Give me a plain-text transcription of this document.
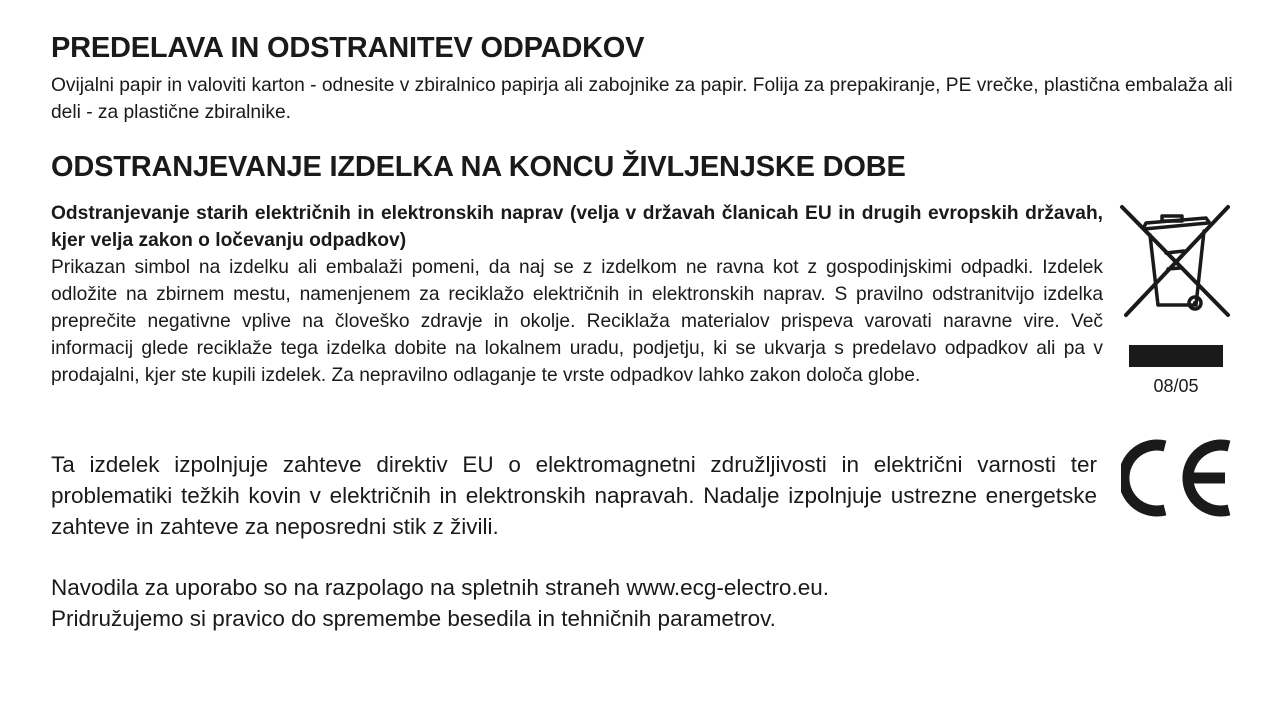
PREDELAVA IN ODSTRANITEV ODPADKOV

Ovijalni papir in valoviti karton - odnesite v zbiralnico papirja ali zabojnike za papir. Folija za prepakiranje, PE vrečke, plastična embalaža ali deli - za plastične zbiralnike.

ODSTRANJEVANJE IZDELKA NA KONCU ŽIVLJENJSKE DOBE

Odstranjevanje starih električnih in elektronskih naprav (velja v državah članicah EU in drugih evropskih državah, kjer velja zakon o ločevanju odpadkov)
Prikazan simbol na izdelku ali embalaži pomeni, da naj se z izdelkom ne ravna kot z gospodinjskimi odpadki. Izdelek odložite na zbirnem mestu, namenjenem za reciklažo električnih in elektronskih naprav. S pravilno odstranitvijo izdelka preprečite negativne vplive na človeško zdravje in okolje. Reciklaža materialov prispeva varovati naravne vire. Več informacij glede reciklaže tega izdelka dobite na lokalnem uradu, podjetju, ki se ukvarja s predelavo odpadkov ali pa v prodajalni, kjer ste kupili izdelek. Za nepravilno odlaganje te vrste odpadkov lahko zakon določa globe.	08/05

Ta izdelek izpolnjuje zahteve direktiv EU o elektromagnetni združljivosti in električni varnosti ter problematiki težkih kovin v električnih in elektronskih napravah. Nadalje izpolnjuje ustrezne energetske zahteve in zahteve za neposredni stik z živili.

Navodila za uporabo so na razpolago na spletnih straneh www.ecg-electro.eu.
Pridružujemo si pravico do spremembe besedila in tehničnih parametrov.
